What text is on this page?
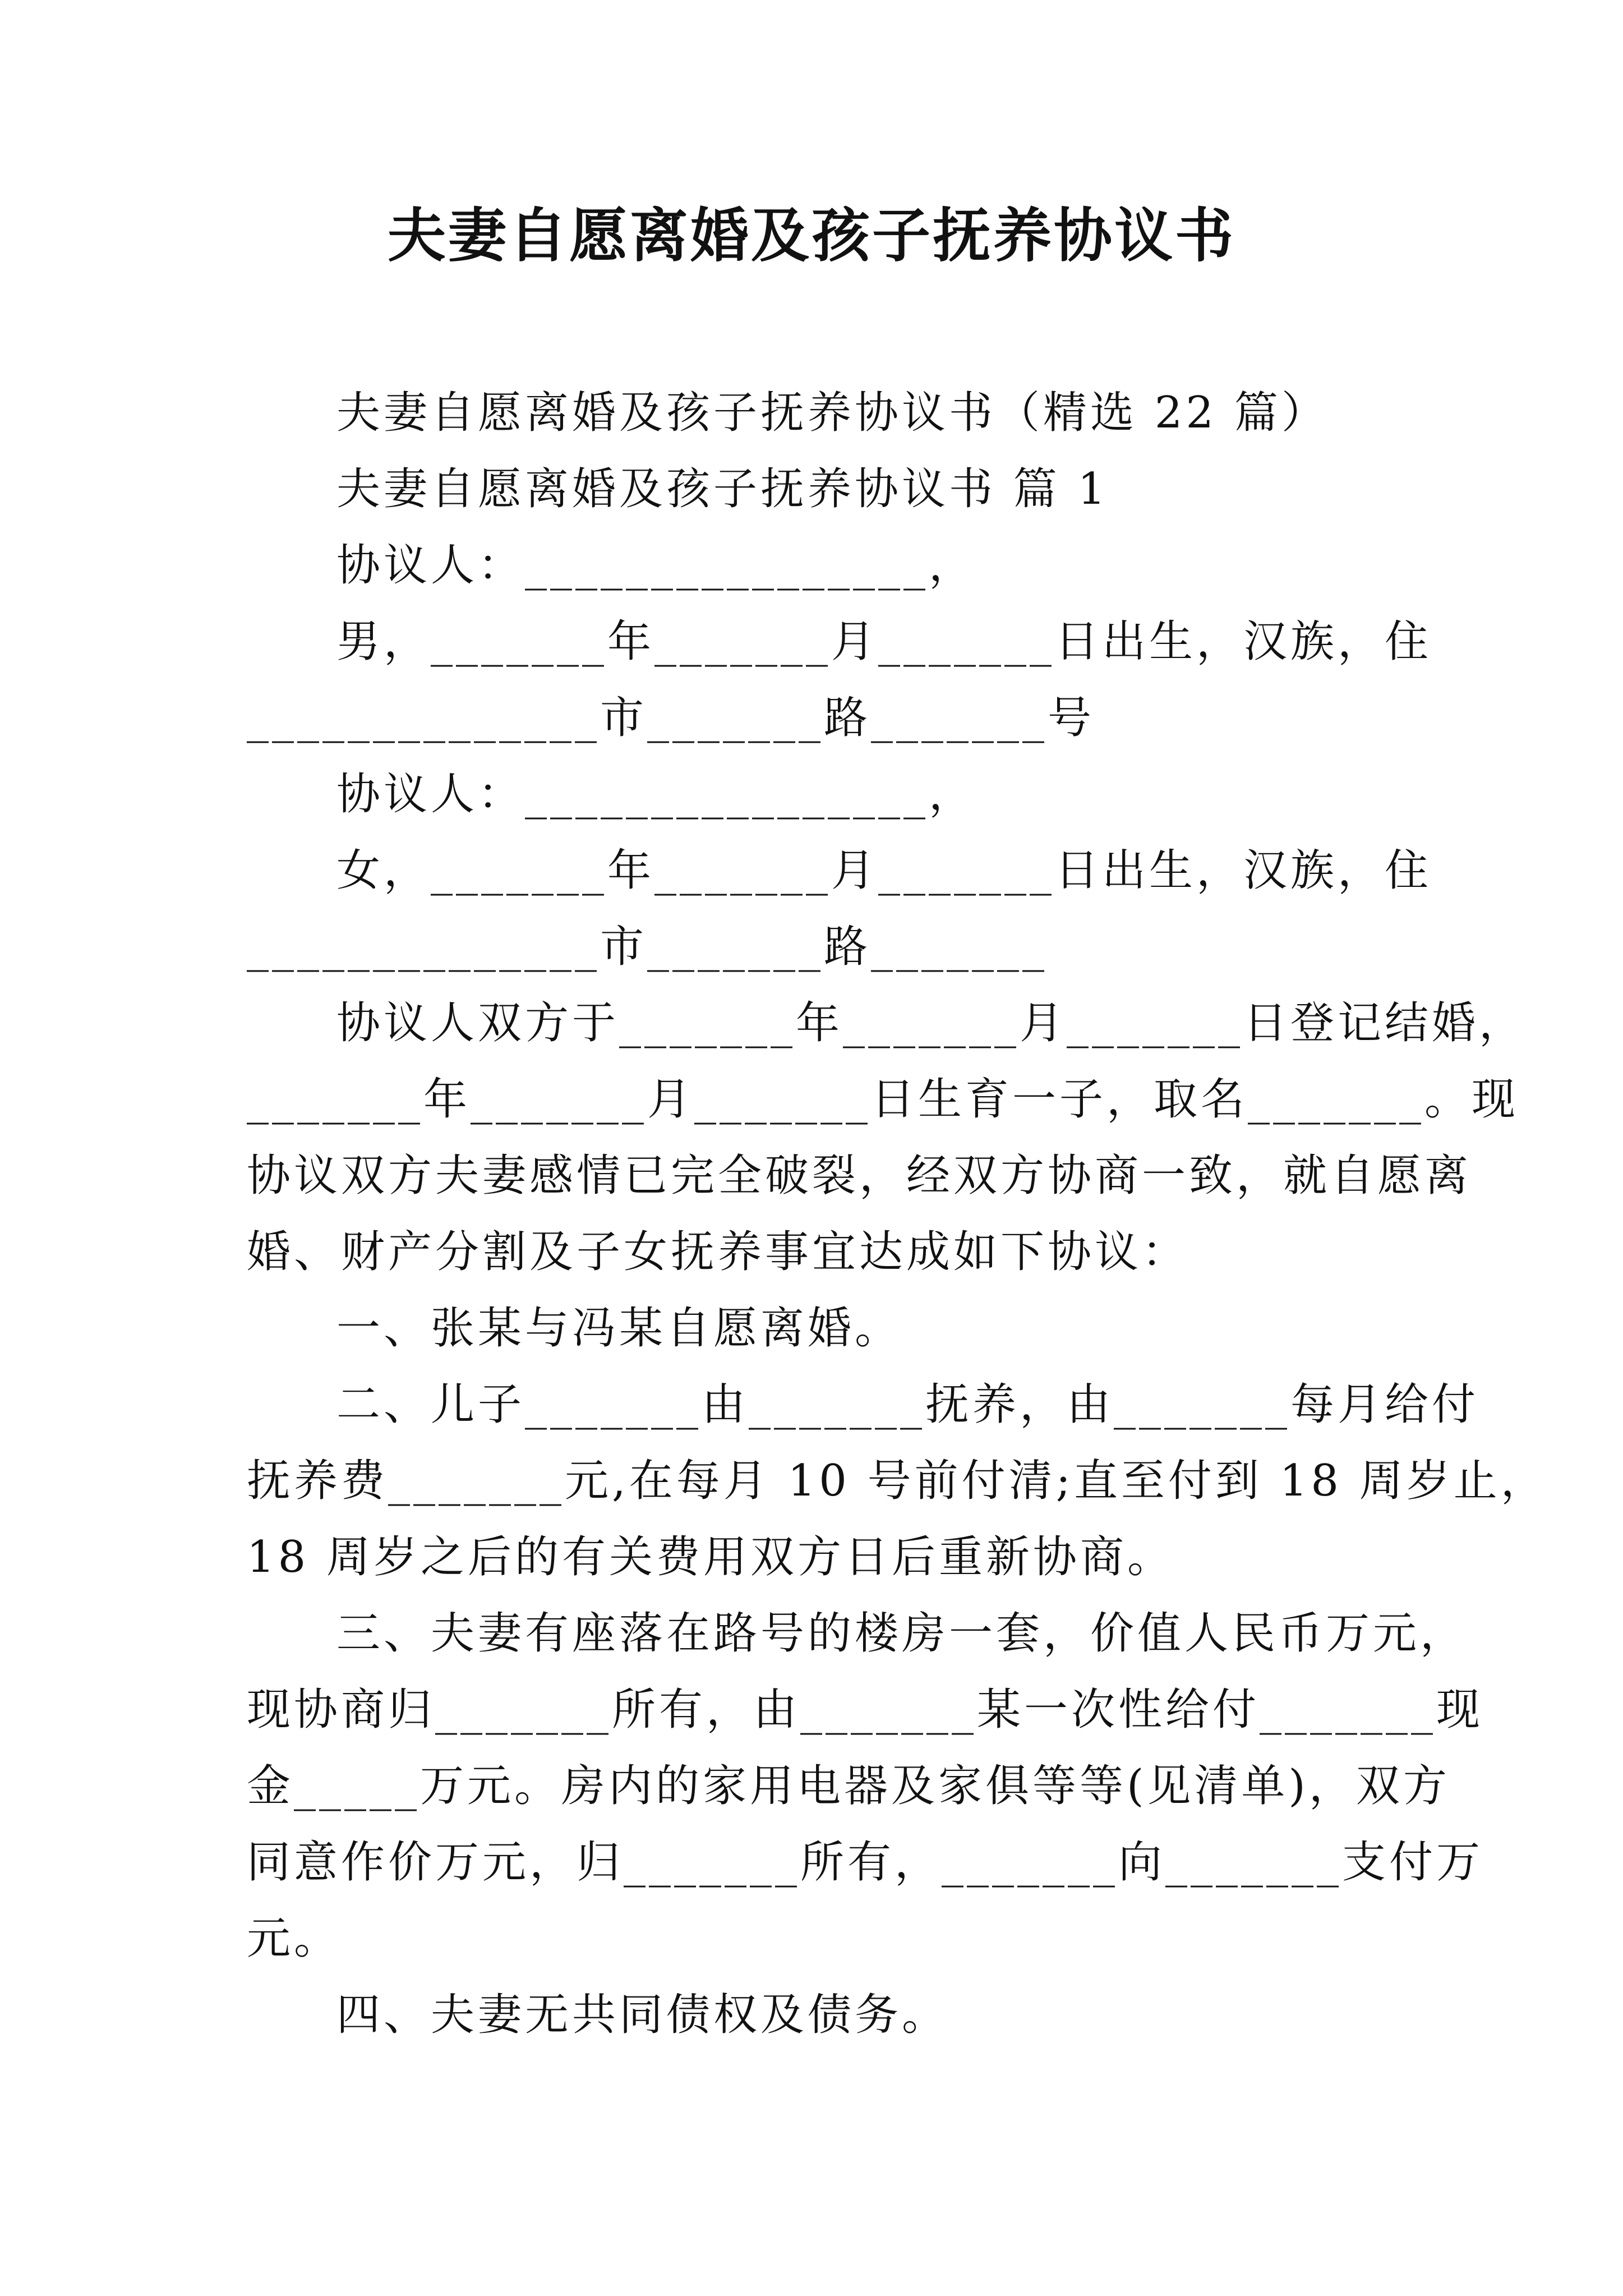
夫妻自愿离婚及孩子抚养协议书
夫妻自愿离婚及孩子抚养协议书（精选 22 篇）
夫妻自愿离婚及孩子抚养协议书 篇 1
协议人：________________，
男，_______年_______月_______日出生，汉族，住
______________市_______路_______号
协议人：________________，
女，_______年_______月_______日出生，汉族，住
______________市_______路_______
协议人双方于_______年_______月_______日登记结婚，
_______年_______月_______日生育一子，取名_______。现
协议双方夫妻感情已完全破裂，经双方协商一致，就自愿离
婚、财产分割及子女抚养事宜达成如下协议：
一、张某与冯某自愿离婚。
二、儿子_______由_______抚养，由_______每月给付
抚养费_______元,在每月 10 号前付清;直至付到 18 周岁止，
18 周岁之后的有关费用双方日后重新协商。
三、夫妻有座落在路号的楼房一套，价值人民币万元，
现协商归_______所有，由_______某一次性给付_______现
金_____万元。房内的家用电器及家俱等等(见清单)，双方
同意作价万元，归_______所有，_______向_______支付万
元。
四、夫妻无共同债权及债务。
